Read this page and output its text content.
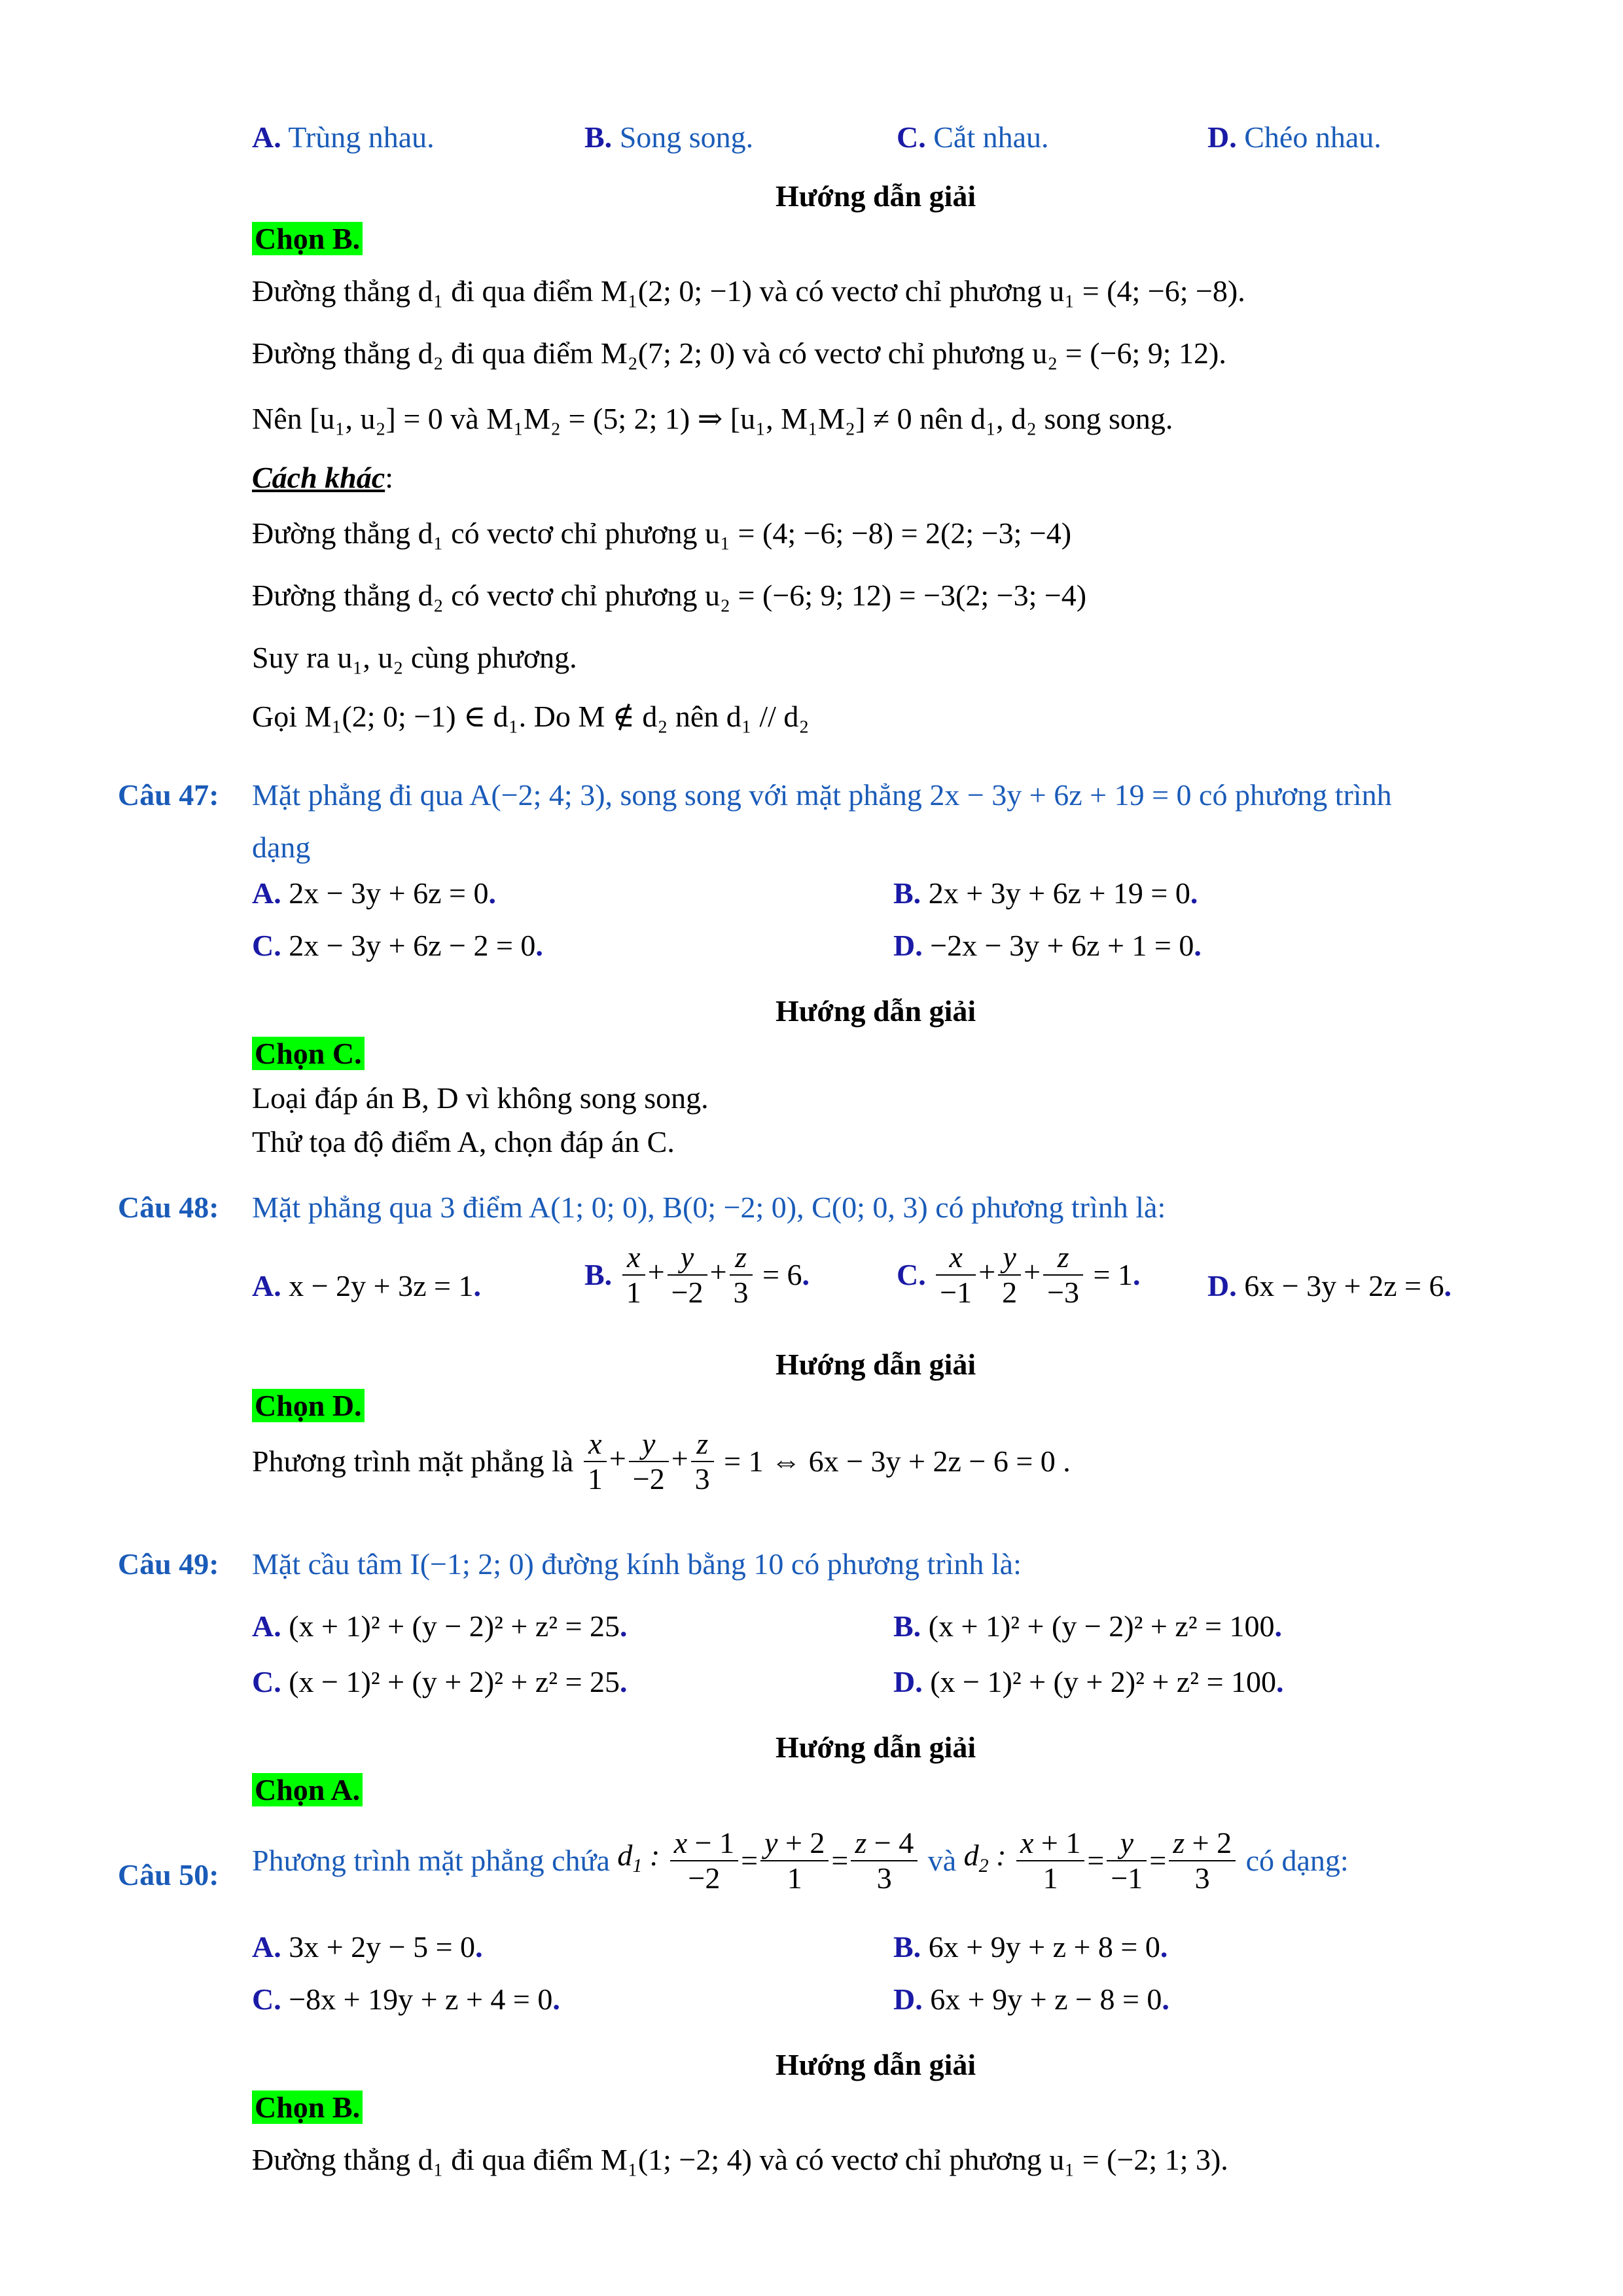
A. Trùng nhau.	B. Song song.	C. Cắt nhau.	D. Chéo nhau.
Hướng dẫn giải
Chọn B.
Đường thẳng d₁ đi qua điểm M₁(2; 0; −1) và có vectơ chỉ phương u₁ = (4; −6; −8).
Đường thẳng d₂ đi qua điểm M₂(7; 2; 0) và có vectơ chỉ phương u₂ = (−6; 9; 12).
Nên [u₁, u₂] = 0 và M₁M₂ = (5; 2; 1) ⇒ [u₁, M₁M₂] ≠ 0 nên d₁, d₂ song song.
Cách khác:
Đường thẳng d₁ có vectơ chỉ phương u₁ = (4; −6; −8) = 2(2; −3; −4)
Đường thẳng d₂ có vectơ chỉ phương u₂ = (−6; 9; 12) = −3(2; −3; −4)
Suy ra u₁, u₂ cùng phương.
Gọi M₁(2; 0; −1) ∈ d₁. Do M ∉ d₂ nên d₁ // d₂
Câu 47: Mặt phẳng đi qua A(−2; 4; 3), song song với mặt phẳng 2x − 3y + 6z + 19 = 0 có phương trình
dạng
A. 2x − 3y + 6z = 0.	B. 2x + 3y + 6z + 19 = 0.
C. 2x − 3y + 6z − 2 = 0.	D. −2x − 3y + 6z + 1 = 0.
Hướng dẫn giải
Chọn C.
Loại đáp án B, D vì không song song.
Thử tọa độ điểm A, chọn đáp án C.
Câu 48: Mặt phẳng qua 3 điểm A(1; 0; 0), B(0; −2; 0), C(0; 0, 3) có phương trình là:
A. x − 2y + 3z = 1.	B. $\frac{x}{1} + \frac{y}{-2} + \frac{z}{3} = 6$.	C. $\frac{x}{-1} + \frac{y}{2} + \frac{z}{-3} = 1$. D. 6x − 3y + 2z = 6.
Hướng dẫn giải
Chọn D.
Phương trình mặt phẳng là $\frac{x}{1} + \frac{y}{-2} + \frac{z}{3} = 1$ ⇔ 6x − 3y + 2z − 6 = 0 .
Câu 49: Mặt cầu tâm I(−1; 2; 0) đường kính bằng 10 có phương trình là:
A. (x + 1)² + (y − 2)² + z² = 25.	B. (x + 1)² + (y − 2)² + z² = 100.
C. (x − 1)² + (y + 2)² + z² = 25.	D. (x − 1)² + (y + 2)² + z² = 100.
Hướng dẫn giải
Chọn A.
Câu 50: Phương trình mặt phẳng chứa $d_1$ : $\frac{x - 1}{-2} = \frac{y + 2}{1} = \frac{z - 4}{3}$ và $d_2$ : $\frac{x + 1}{1} = \frac{y}{-1} = \frac{z + 2}{3}$ có dạng:
A. 3x + 2y − 5 = 0.	B. 6x + 9y + z + 8 = 0.
C. −8x + 19y + z + 4 = 0.	D. 6x + 9y + z − 8 = 0.
Hướng dẫn giải
Chọn B.
Đường thẳng d₁ đi qua điểm M₁(1; −2; 4) và có vectơ chỉ phương u₁ = (−2; 1; 3).
